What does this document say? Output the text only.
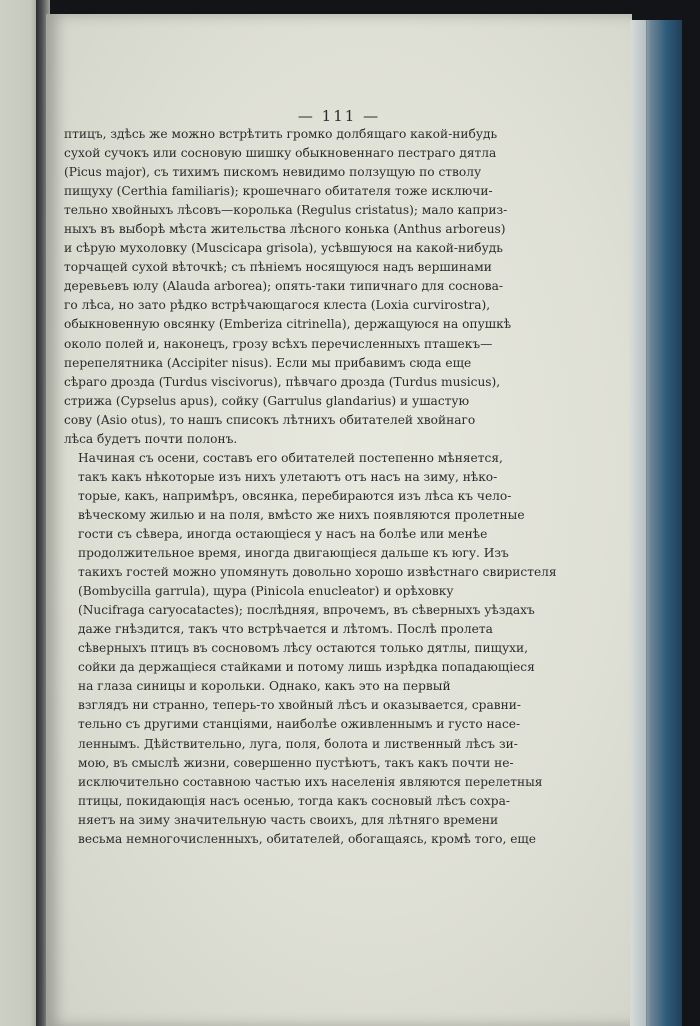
— 111 —
птицъ, здѣсь же можно встрѣтить громко долбящаго какой-нибудь
сухой сучокъ или сосновую шишку обыкновеннаго пестраго дятла
(Picus major), съ тихимъ пискомъ невидимо ползущую по стволу
пищуху (Certhia familiaris); крошечнаго обитателя тоже исключи-
тельно хвойныхъ лѣсовъ—королька (Regulus cristatus); мало каприз-
ныхъ въ выборѣ мѣста жительства лѣсного конька (Anthus arboreus)
и сѣрую мухоловку (Muscicapa grisola), усѣвшуюся на какой-нибудь
торчащей сухой вѣточкѣ; съ пѣніемъ носящуюся надъ вершинами
деревьевъ юлу (Alauda arborea); опять-таки типичнаго для соснова-
го лѣса, но зато рѣдко встрѣчающагося клеста (Loxia curvirostra),
обыкновенную овсянку (Emberiza citrinella), держащуюся на опушкѣ
около полей и, наконецъ, грозу всѣхъ перечисленныхъ пташекъ—
перепелятника (Accipiter nisus). Если мы прибавимъ сюда еще
сѣраго дрозда (Turdus viscivorus), пѣвчаго дрозда (Turdus musicus),
стрижа (Cypselus apus), сойку (Garrulus glandarius) и ушастую
сову (Asio otus), то нашъ списокъ лѣтнихъ обитателей хвойнаго
лѣса будетъ почти полонъ.
Начиная съ осени, составъ его обитателей постепенно мѣняется,
такъ какъ нѣкоторые изъ нихъ улетаютъ отъ насъ на зиму, нѣко-
торые, какъ, напримѣръ, овсянка, перебираются изъ лѣса къ чело-
вѣческому жилью и на поля, вмѣсто же нихъ появляются пролетные
гости съ сѣвера, иногда остающіеся у насъ на болѣе или менѣе
продолжительное время, иногда двигающіеся дальше къ югу. Изъ
такихъ гостей можно упомянуть довольно хорошо извѣстнаго свиристеля
(Bombycilla garrula), щура (Pinicola enucleator) и орѣховку
(Nucifraga caryocatactes); послѣдняя, впрочемъ, въ сѣверныхъ уѣздахъ
даже гнѣздится, такъ что встрѣчается и лѣтомъ. Послѣ пролета
сѣверныхъ птицъ въ сосновомъ лѣсу остаются только дятлы, пищухи,
сойки да держащіеся стайками и потому лишь изрѣдка попадающіеся
на глаза синицы и корольки. Однако, какъ это на первый
взглядъ ни странно, теперь-то хвойный лѣсъ и оказывается, сравни-
тельно съ другими станціями, наиболѣе оживленнымъ и густо насе-
леннымъ. Дѣйствительно, луга, поля, болота и лиственный лѣсъ зи-
мою, въ смыслѣ жизни, совершенно пустѣютъ, такъ какъ почти не-
исключительно составною частью ихъ населенія являются перелетныя
птицы, покидающія насъ осенью, тогда какъ сосновый лѣсъ сохра-
няетъ на зиму значительную часть своихъ, для лѣтняго времени
весьма немногочисленныхъ, обитателей, обогащаясь, кромѣ того, еще
